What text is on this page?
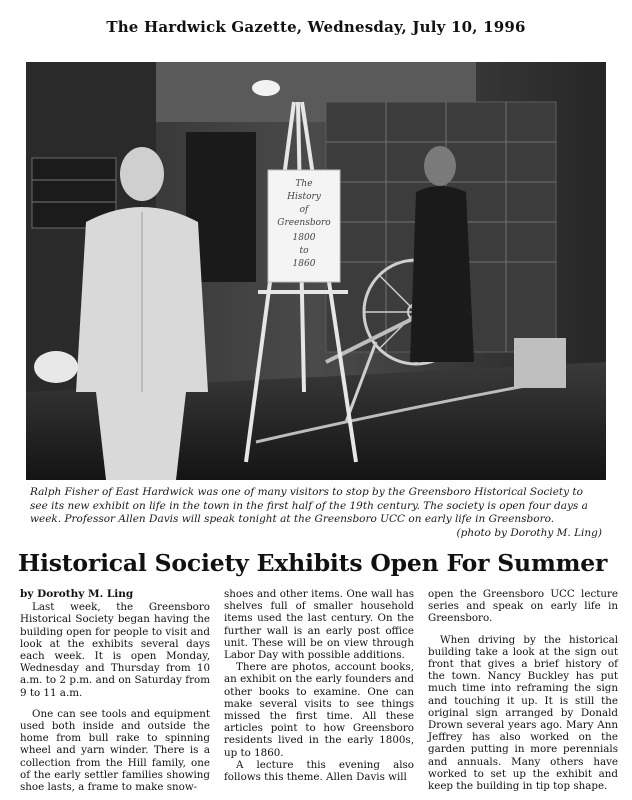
The Hardwick Gazette, Wednesday, July 10, 1996
The
History
of
Greensboro
1800
to
1860
Ralph Fisher of East Hardwick was one of many visitors to stop by the Greensboro Historical Society to see its new exhibit on life in the town in the first half of the 19th century. The society is open four days a week. Professor Allen Davis will speak tonight at the Greensboro UCC on early life in Greensboro.
(photo by Dorothy M. Ling)
Historical Society Exhibits Open For Summer
by Dorothy M. Ling

Last week, the Greensboro Historical Society began having the building open for people to visit and look at the exhibits several days each week. It is open Monday, Wednesday and Thursday from 10 a.m. to 2 p.m. and on Saturday from 9 to 11 a.m.

One can see tools and equipment used both inside and outside the home from bull rake to spinning wheel and yarn winder. There is a collection from the Hill family, one of the early settler families showing shoe lasts, a frame to make snow-

shoes and other items. One wall has shelves full of smaller household items used the last century. On the further wall is an early post office unit. These will be on view through Labor Day with possible additions.

There are photos, account books, an exhibit on the early founders and other books to examine. One can make several visits to see things missed the first time. All these articles point to how Greensboro residents lived in the early 1800s, up to 1860.

A lecture this evening also follows this theme. Allen Davis will

open the Greensboro UCC lecture series and speak on early life in Greensboro.

When driving by the historical building take a look at the sign out front that gives a brief history of the town. Nancy Buckley has put much time into reframing the sign and touching it up. It is still the original sign arranged by Donald Drown several years ago. Mary Ann Jeffrey has also worked on the garden putting in more perennials and annuals. Many others have worked to set up the exhibit and keep the building in tip top shape.
